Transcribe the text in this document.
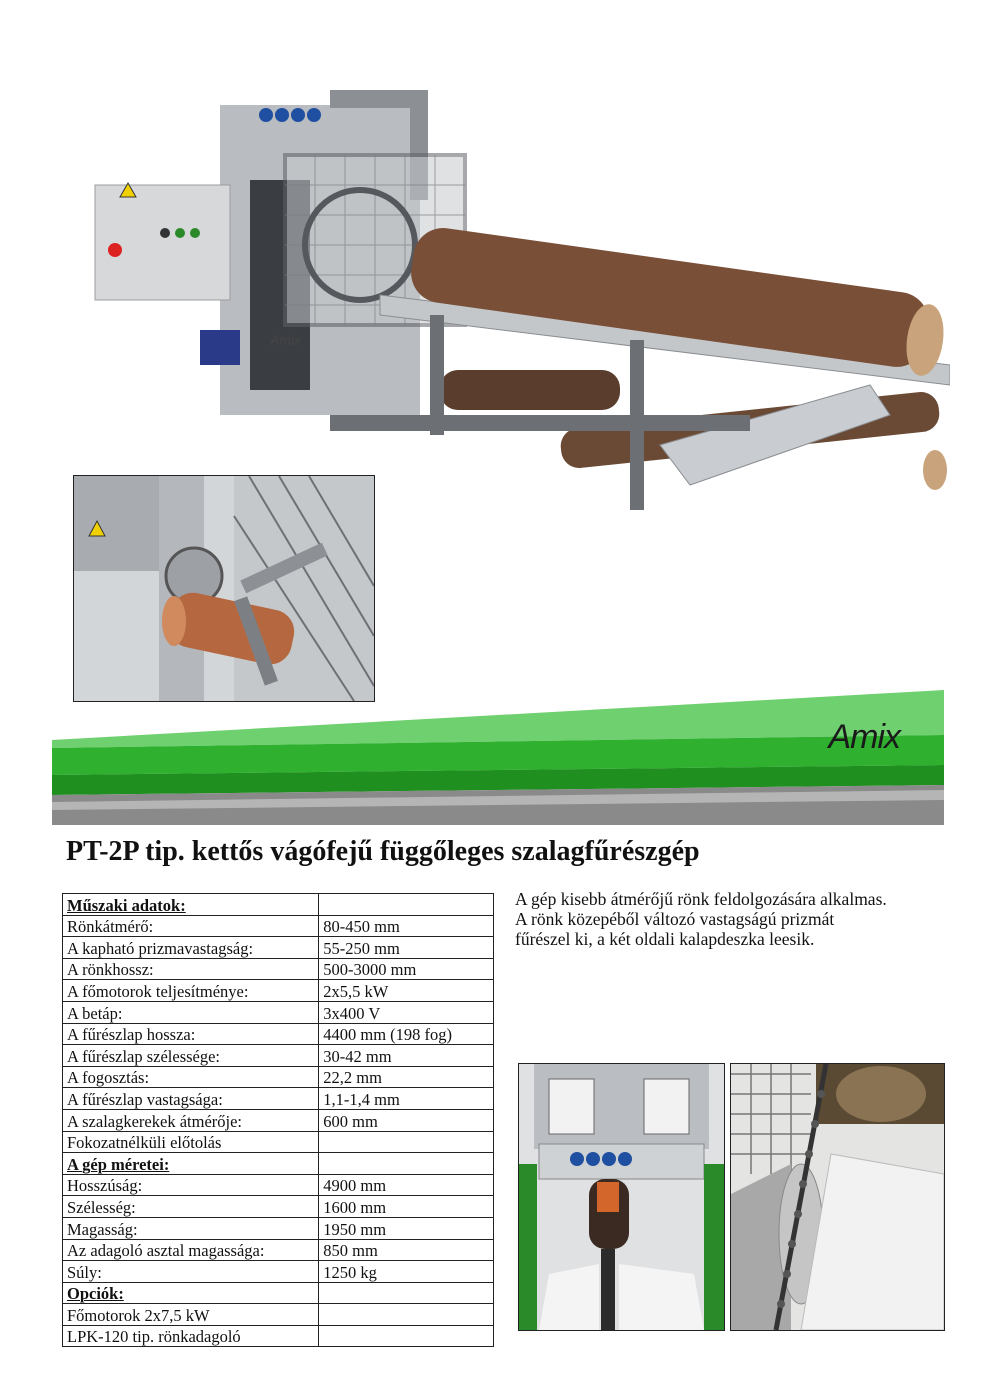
Amix
Amix
PT-2P tip. kettős vágófejű függőleges szalagfűrészgép
Műszaki adatok:	
Rönkátmérő:	80-450 mm
A kapható prizmavastagság:	55-250 mm
A rönkhossz:	500-3000 mm
A főmotorok teljesítménye:	2x5,5 kW
A betáp:	3x400 V
A fűrészlap hossza:	4400 mm (198 fog)
A fűrészlap szélessége:	30-42 mm
A fogosztás:	22,2 mm
A fűrészlap vastagsága:	1,1-1,4 mm
A szalagkerekek átmérője:	600 mm
Fokozatnélküli előtolás	
A gép méretei:	
Hosszúság:	4900 mm
Szélesség:	1600 mm
Magasság:	1950 mm
Az adagoló asztal magassága:	850 mm
Súly:	1250 kg
Opciók:	
Főmotorok 2x7,5 kW	
LPK-120 tip. rönkadagoló	
A gép kisebb átmérőjű rönk feldolgozására alkalmas.
A rönk közepéből változó vastagságú prizmát
fűrészel ki, a két oldali kalapdeszka leesik.
